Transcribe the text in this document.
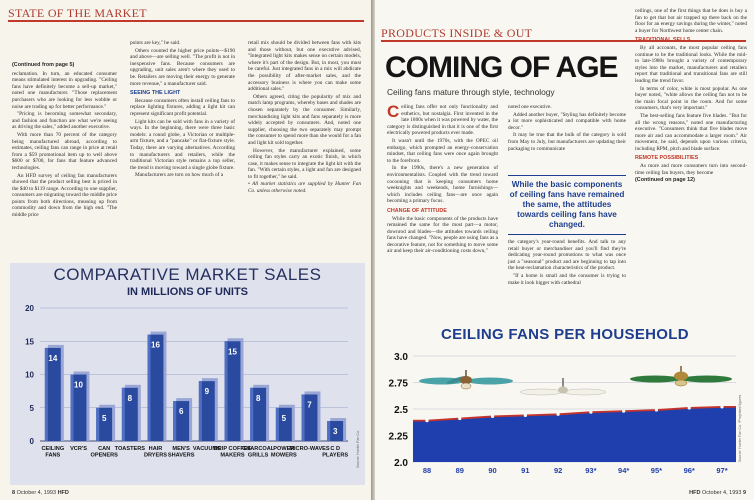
STATE OF THE MARKET
(Continued from page 5)

reclamation. In turn, an educated consumer means stimulated interest in upgrading. "Ceiling fans have definitely become a sell-up market," noted one manufacturer. "Those replacement purchasers who are looking for less wobble or noise are trading up for better performance."

"Pricing is becoming somewhat secondary, and fashion and function are what we're seeing as driving the sales," added another executive.

With more than 70 percent of the category being manufactured abroad, according to estimates, ceiling fans can range in price at retail from a $59 promotional item up to well above $600 or $700, for fans that feature advanced technologies.

An HFD survey of ceiling fan manufacturers showed that the product selling best is priced in the $40 to $119 range. According to one supplier, consumers are migrating toward the middle price points from both directions, meaning up from commodity and down from the high end. "The middle price

points are key," he said.

Others counted the higher price points—$190 and above—are selling well. "The profit is not in inexpensive fans. Because consumers are upgrading, unit sales aren't where they used to be. Retailers are moving their energy to generate more revenue," a manufacturer said.

SEEING THE LIGHT

Because consumers often install ceiling fans to replace lighting fixtures, adding a light kit can represent significant profit potential.

Light kits can be sold with fans in a variety of ways. In the beginning, there were three basic models: a round globe, a Victorian or multiple-arm fixture, and a "pancake" or flat-fixture style. Today, there are varying alternatives. According to manufacturers and retailers, while the traditional Victorian style remains a top seller, the trend is moving toward a single globe fixture.

Manufacturers are torn on how much of a

retail mix should be divided between fans with kits and those without, but one executive advised, "Integrated light kits makes sense on certain models, where it's part of the design. But, in most, you must be careful. Just integrated fans in a mix will abdicate the possibility of after-market sales, and the accessory business is where you can make some additional sales."

Others agreed, citing the popularity of mix and match lamp programs, whereby bases and shades are chosen separately by the consumer. Similarly, merchandising light kits and fans separately is more widely accepted by consumers. And, noted one supplier, choosing the two separately may prompt the consumer to spend more than she would for a fan and light kit sold together.

However, the manufacturer explained, some ceiling fan styles carry an exotic finish, in which case, it makes sense to integrate the light kit with the fan. "With certain styles, a light and fan are designed to fit together," he said.

• All market statistics are supplied by Hunter Fan Co. unless otherwise noted.

COMPARATIVE MARKET SALES
IN MILLIONS OF UNITS
0
5
10
15
20
14
CEILING FANS
10
VCR'S
5
CAN OPENERS
8
TOASTERS
16
HAIR DRYERS
6
MEN'S SHAVERS
9
VACUUMS
15
DRIP COFFEE MAKERS
8
CHARCOAL GRILLS
5
POWER MOWERS
7
MICRO-WAVES
3
C D PLAYERS Source: Hunter Fan Co.
8 October 4, 1993 HFD
PRODUCTS INSIDE & OUT
COMING OF AGE
Ceiling fans mature through style, technology

Ceiling fans offer not only functionality and esthetics, but nostalgia. First invented in the late 1800s when it was powered by water, the category is distinguished in that it is one of the first electrically powered products ever made.

It wasn't until the 1970s, with the OPEC oil embargo, which prompted an energy-conservation mindset, that ceiling fans were once again brought to the forefront.

In the 1990s, there's a new generation of environmentalists. Coupled with the trend toward cocooning that is keeping consumers home weeknights and weekends, home furnishings—which includes ceiling fans—are once again becoming a primary focus.

CHANGE OF ATTITUDE

While the basic components of the products have remained the same for the most part—a motor, downrod and blades—the attitudes towards ceiling fans have changed. "Now, people are using fans as a decorative feature, not for something to move some air and keep their air-conditioning costs down,"

noted one executive.

Added another buyer, "Styling has definitely become a lot more sophisticated and compatible with home decor."

It may be true that the bulk of the category is sold from May to July, but manufacturers are updating their packaging to communicate

While the basic components of ceiling fans have remained the same, the attitudes towards ceiling fans have changed.

the category's year-round benefits. And talk to any retail buyer or merchandiser and you'll find they're dedicating year-round promotions to what was once just a "seasonal" product and are beginning to tap into the heat-reclamation characteristics of the product.

"If a home is small and the consumer is trying to make it look bigger with cathedral

ceilings, one of the first things that he does is buy a fan to get that hot air trapped up there back on the floor for an energy savings during the winter," noted a buyer for Northwest home center chain.

TRADITIONAL SELLS

By all accounts, the most popular ceiling fans continue to be the traditional looks. While the mid- to late-1980s brought a variety of contemporary styles into the market, manufacturers and retailers report that traditional and transitional fans are still leading the trend favor.

In terms of color, white is most popular. As one buyer noted, "white allows the ceiling fan not to be the main focal point in the room. And for some consumers, that's very important."

The best-selling fans feature five blades. "But for all the wrong reasons," noted one manufacturing executive. "Consumers think that five blades move more air and can accommodate a larger room." Air movement, he said, depends upon various criteria, including RPM, pitch and blade surface.

REMOTE POSSIBILITIES

As more and more consumers turn into second-time ceiling fan buyers, they become

(Continued on page 12)
CEILING FANS PER HOUSEHOLD
2.0
2.25
2.5
2.75
3.0
88	89	90	91	92	93*	94*	95*	96*	97*
Source: Hunter Fan Co. *Projected figures
HFD October 4, 1993 9
